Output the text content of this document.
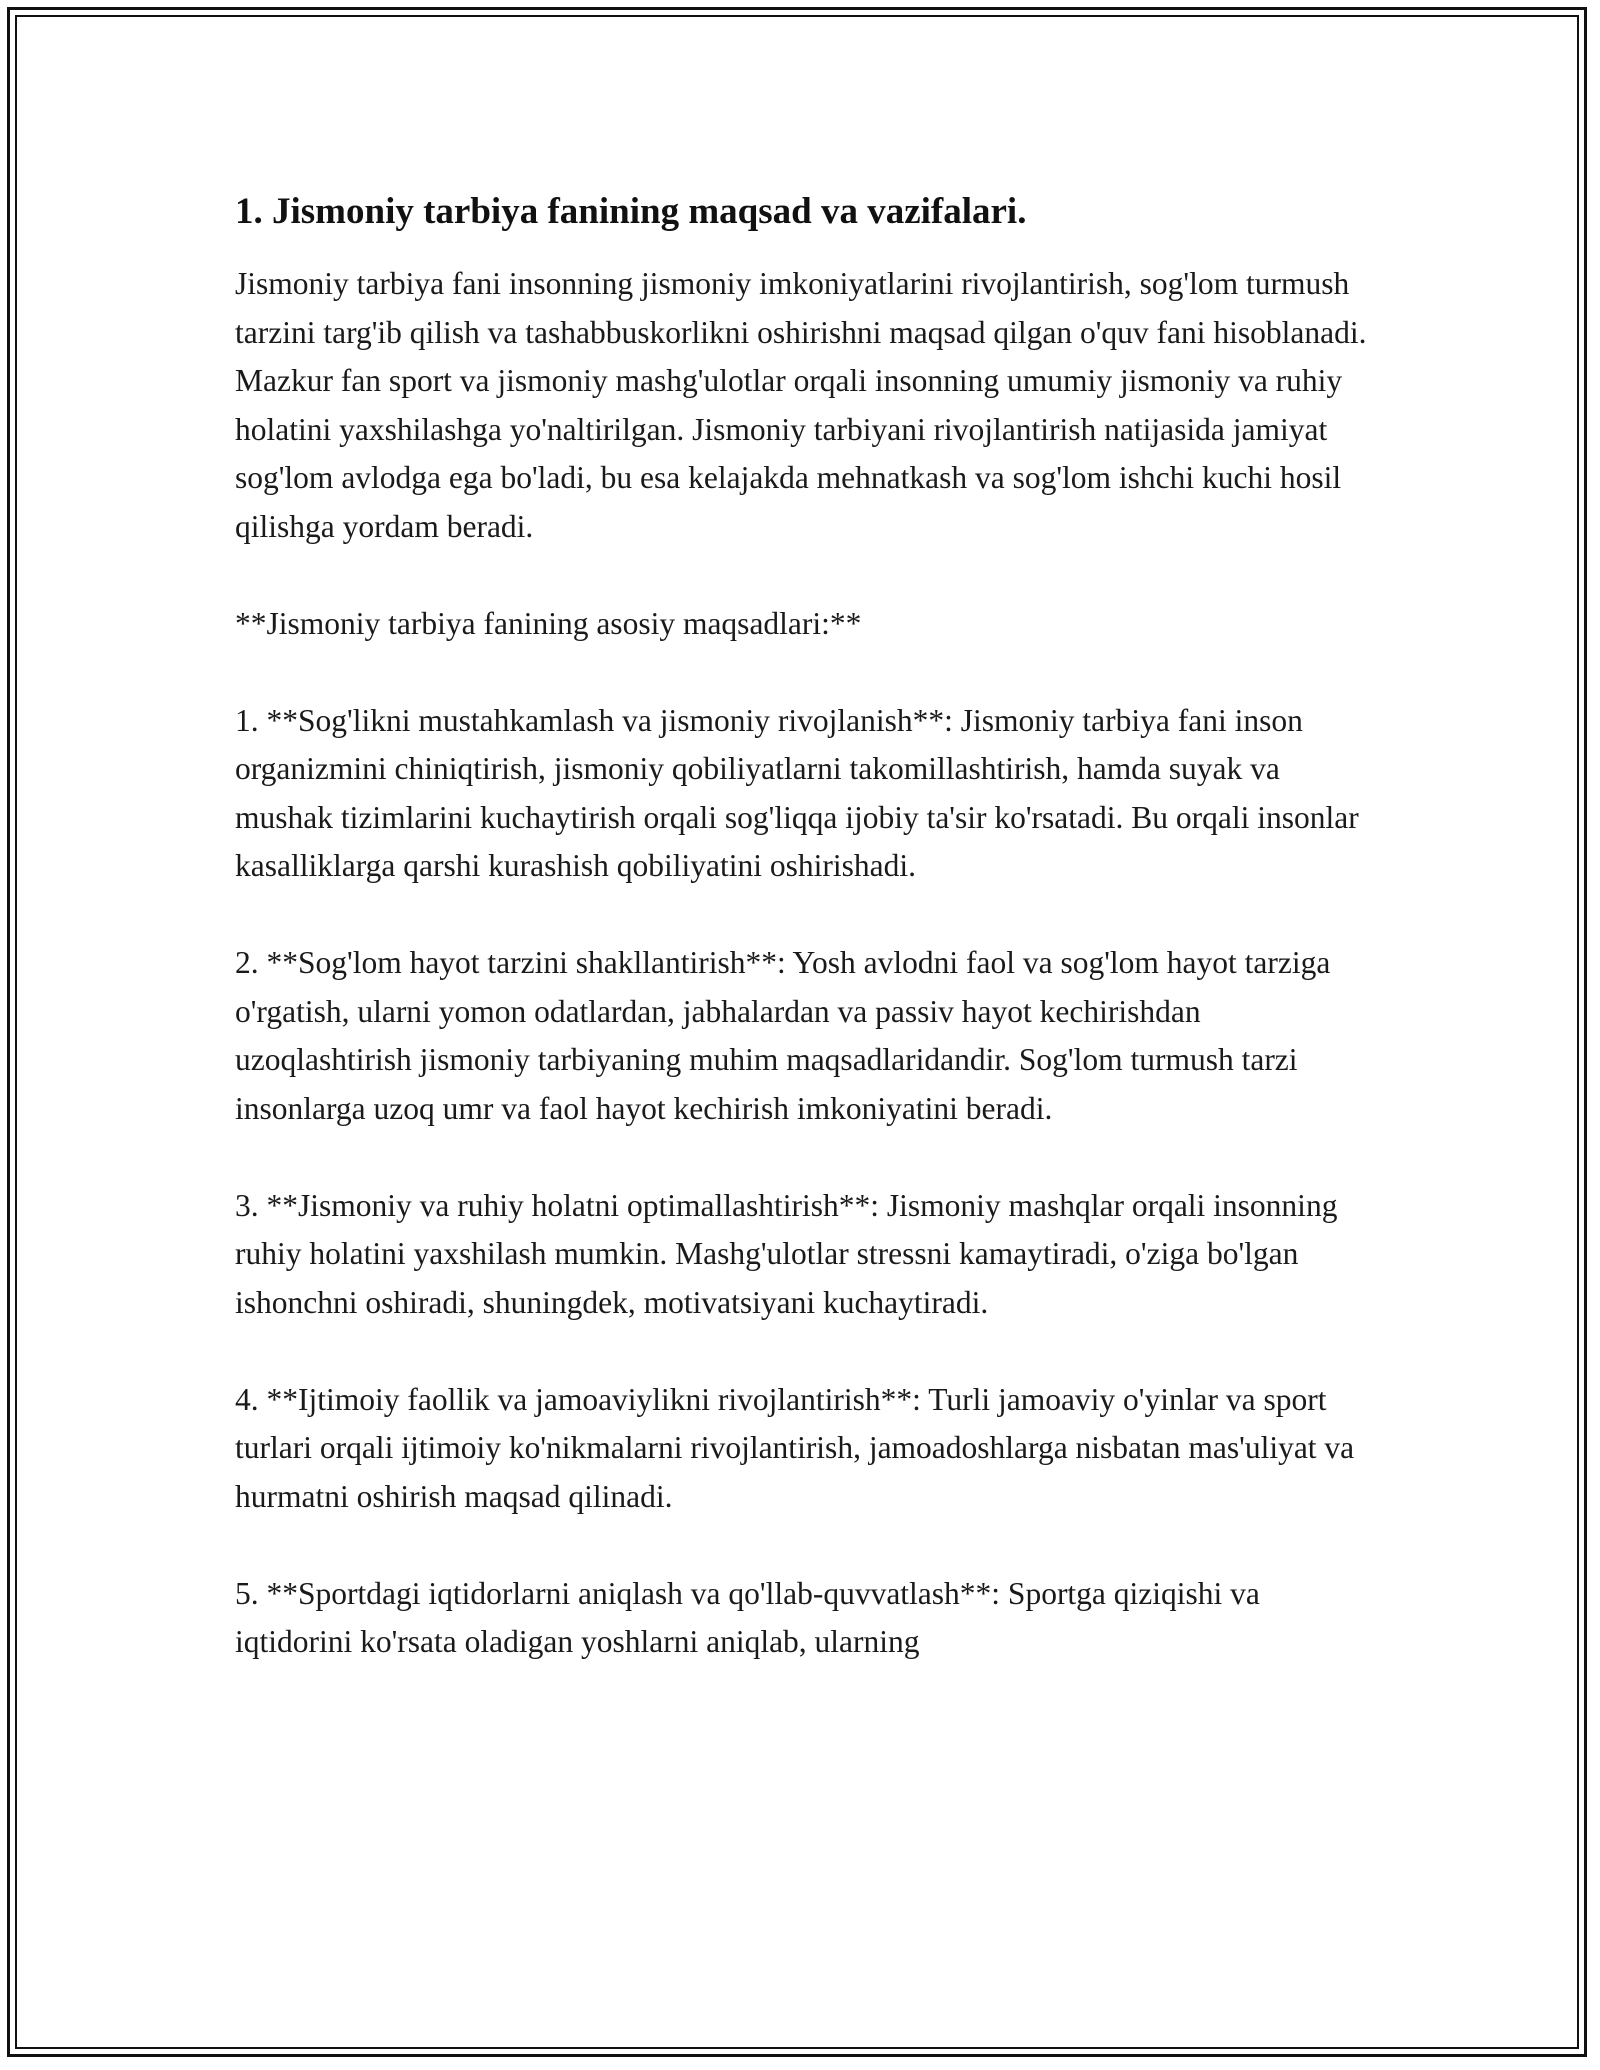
1. Jismoniy tarbiya fanining maqsad va vazifalari.

Jismoniy tarbiya fani insonning jismoniy imkoniyatlarini rivojlantirish, sog'lom turmush tarzini targ'ib qilish va tashabbuskorlikni oshirishni maqsad qilgan o'quv fani hisoblanadi. Mazkur fan sport va jismoniy mashg'ulotlar orqali insonning umumiy jismoniy va ruhiy holatini yaxshilashga yo'naltirilgan. Jismoniy tarbiyani rivojlantirish natijasida jamiyat sog'lom avlodga ega bo'ladi, bu esa kelajakda mehnatkash va sog'lom ishchi kuchi hosil qilishga yordam beradi.

**Jismoniy tarbiya fanining asosiy maqsadlari:**

1. **Sog'likni mustahkamlash va jismoniy rivojlanish**: Jismoniy tarbiya fani inson organizmini chiniqtirish, jismoniy qobiliyatlarni takomillashtirish, hamda suyak va mushak tizimlarini kuchaytirish orqali sog'liqqa ijobiy ta'sir ko'rsatadi. Bu orqali insonlar kasalliklarga qarshi kurashish qobiliyatini oshirishadi.

2. **Sog'lom hayot tarzini shakllantirish**: Yosh avlodni faol va sog'lom hayot tarziga o'rgatish, ularni yomon odatlardan, jabhalardan va passiv hayot kechirishdan uzoqlashtirish jismoniy tarbiyaning muhim maqsadlaridandir. Sog'lom turmush tarzi insonlarga uzoq umr va faol hayot kechirish imkoniyatini beradi.

3. **Jismoniy va ruhiy holatni optimallashtirish**: Jismoniy mashqlar orqali insonning ruhiy holatini yaxshilash mumkin. Mashg'ulotlar stressni kamaytiradi, o'ziga bo'lgan ishonchni oshiradi, shuningdek, motivatsiyani kuchaytiradi.

4. **Ijtimoiy faollik va jamoaviylikni rivojlantirish**: Turli jamoaviy o'yinlar va sport turlari orqali ijtimoiy ko'nikmalarni rivojlantirish, jamoadoshlarga nisbatan mas'uliyat va hurmatni oshirish maqsad qilinadi.

5. **Sportdagi iqtidorlarni aniqlash va qo'llab-quvvatlash**: Sportga qiziqishi va iqtidorini ko'rsata oladigan yoshlarni aniqlab, ularning
